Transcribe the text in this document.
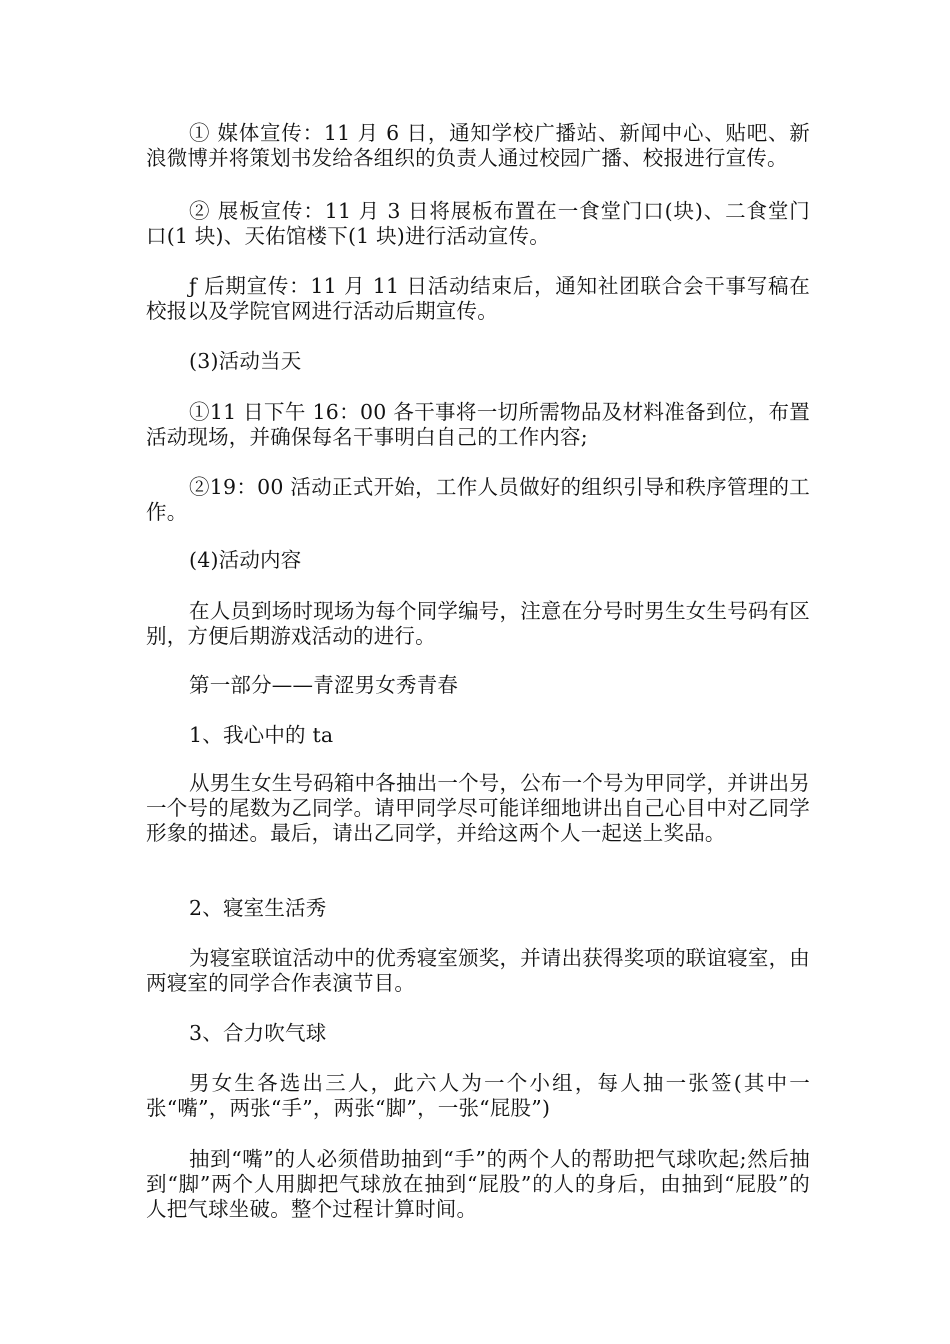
① 媒体宣传：11 月 6 日，通知学校广播站、新闻中心、贴吧、新浪微博并将策划书发给各组织的负责人通过校园广播、校报进行宣传。

② 展板宣传：11 月 3 日将展板布置在一食堂门口(块)、二食堂门口(1 块)、天佑馆楼下(1 块)进行活动宣传。

ƒ 后期宣传：11 月 11 日活动结束后，通知社团联合会干事写稿在校报以及学院官网进行活动后期宣传。

(3)活动当天

①11 日下午 16：00 各干事将一切所需物品及材料准备到位，布置活动现场，并确保每名干事明白自己的工作内容;

②19：00 活动正式开始，工作人员做好的组织引导和秩序管理的工作。

(4)活动内容

在人员到场时现场为每个同学编号，注意在分号时男生女生号码有区别，方便后期游戏活动的进行。

第一部分——青涩男女秀青春

1、我心中的 ta

从男生女生号码箱中各抽出一个号，公布一个号为甲同学，并讲出另一个号的尾数为乙同学。请甲同学尽可能详细地讲出自己心目中对乙同学形象的描述。最后，请出乙同学，并给这两个人一起送上奖品。

2、寝室生活秀

为寝室联谊活动中的优秀寝室颁奖，并请出获得奖项的联谊寝室，由两寝室的同学合作表演节目。

3、合力吹气球

男女生各选出三人，此六人为一个小组，每人抽一张签(其中一张“嘴”，两张“手”，两张“脚”，一张“屁股”)

抽到“嘴”的人必须借助抽到“手”的两个人的帮助把气球吹起;然后抽到“脚”两个人用脚把气球放在抽到“屁股”的人的身后，由抽到“屁股”的人把气球坐破。整个过程计算时间。
